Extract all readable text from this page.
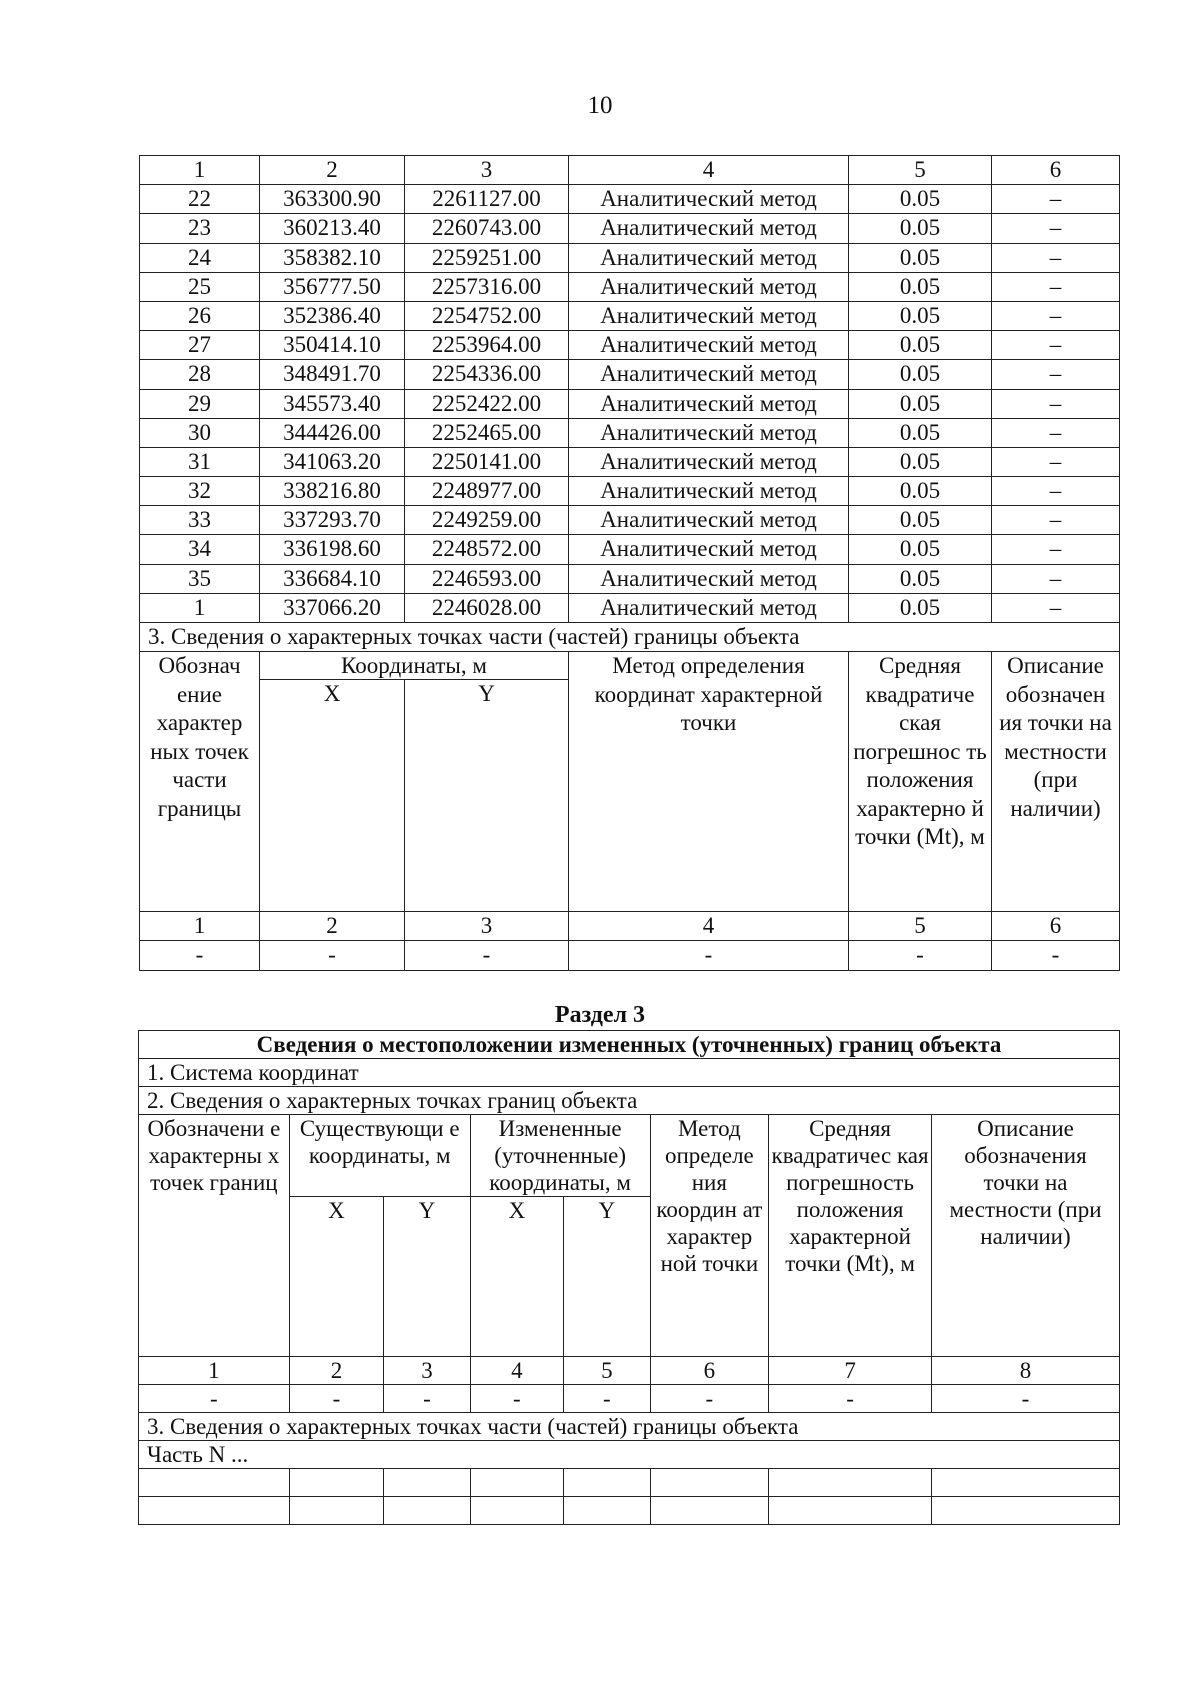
10
1	2	3	4	5	6
22	363300.90	2261127.00	Аналитический метод	0.05	–
23	360213.40	2260743.00	Аналитический метод	0.05	–
24	358382.10	2259251.00	Аналитический метод	0.05	–
25	356777.50	2257316.00	Аналитический метод	0.05	–
26	352386.40	2254752.00	Аналитический метод	0.05	–
27	350414.10	2253964.00	Аналитический метод	0.05	–
28	348491.70	2254336.00	Аналитический метод	0.05	–
29	345573.40	2252422.00	Аналитический метод	0.05	–
30	344426.00	2252465.00	Аналитический метод	0.05	–
31	341063.20	2250141.00	Аналитический метод	0.05	–
32	338216.80	2248977.00	Аналитический метод	0.05	–
33	337293.70	2249259.00	Аналитический метод	0.05	–
34	336198.60	2248572.00	Аналитический метод	0.05	–
35	336684.10	2246593.00	Аналитический метод	0.05	–
1	337066.20	2246028.00	Аналитический метод	0.05	–
3. Сведения о характерных точках части (частей) границы объекта					
Обознач ение характер ных точек части границы	Координаты, м		Метод определения координат характерной точки	Средняя квадратиче ская погрешнос ть положения характерно й точки (Mt), м	Описание обозначен ия точки на местности (при наличии)
	X	Y			
1	2	3	4	5	6
-	-	-	-	-	-
Раздел 3
Сведения о местоположении измененных (уточненных) границ объекта							
1. Система координат							
2. Сведения о характерных точках границ объекта							
Обозначени е характерны х точек границ	Существующи е координаты, м		Измененные (уточненные) координаты, м		Метод определе ния координ ат характер ной точки	Средняя квадратичес кая погрешность положения характерной точки (Mt), м	Описание обозначения точки на местности (при наличии)
	X	Y	X	Y			
1	2	3	4	5	6	7	8
-	-	-	-	-	-	-	-
3. Сведения о характерных точках части (частей) границы объекта							
Часть N ...							
